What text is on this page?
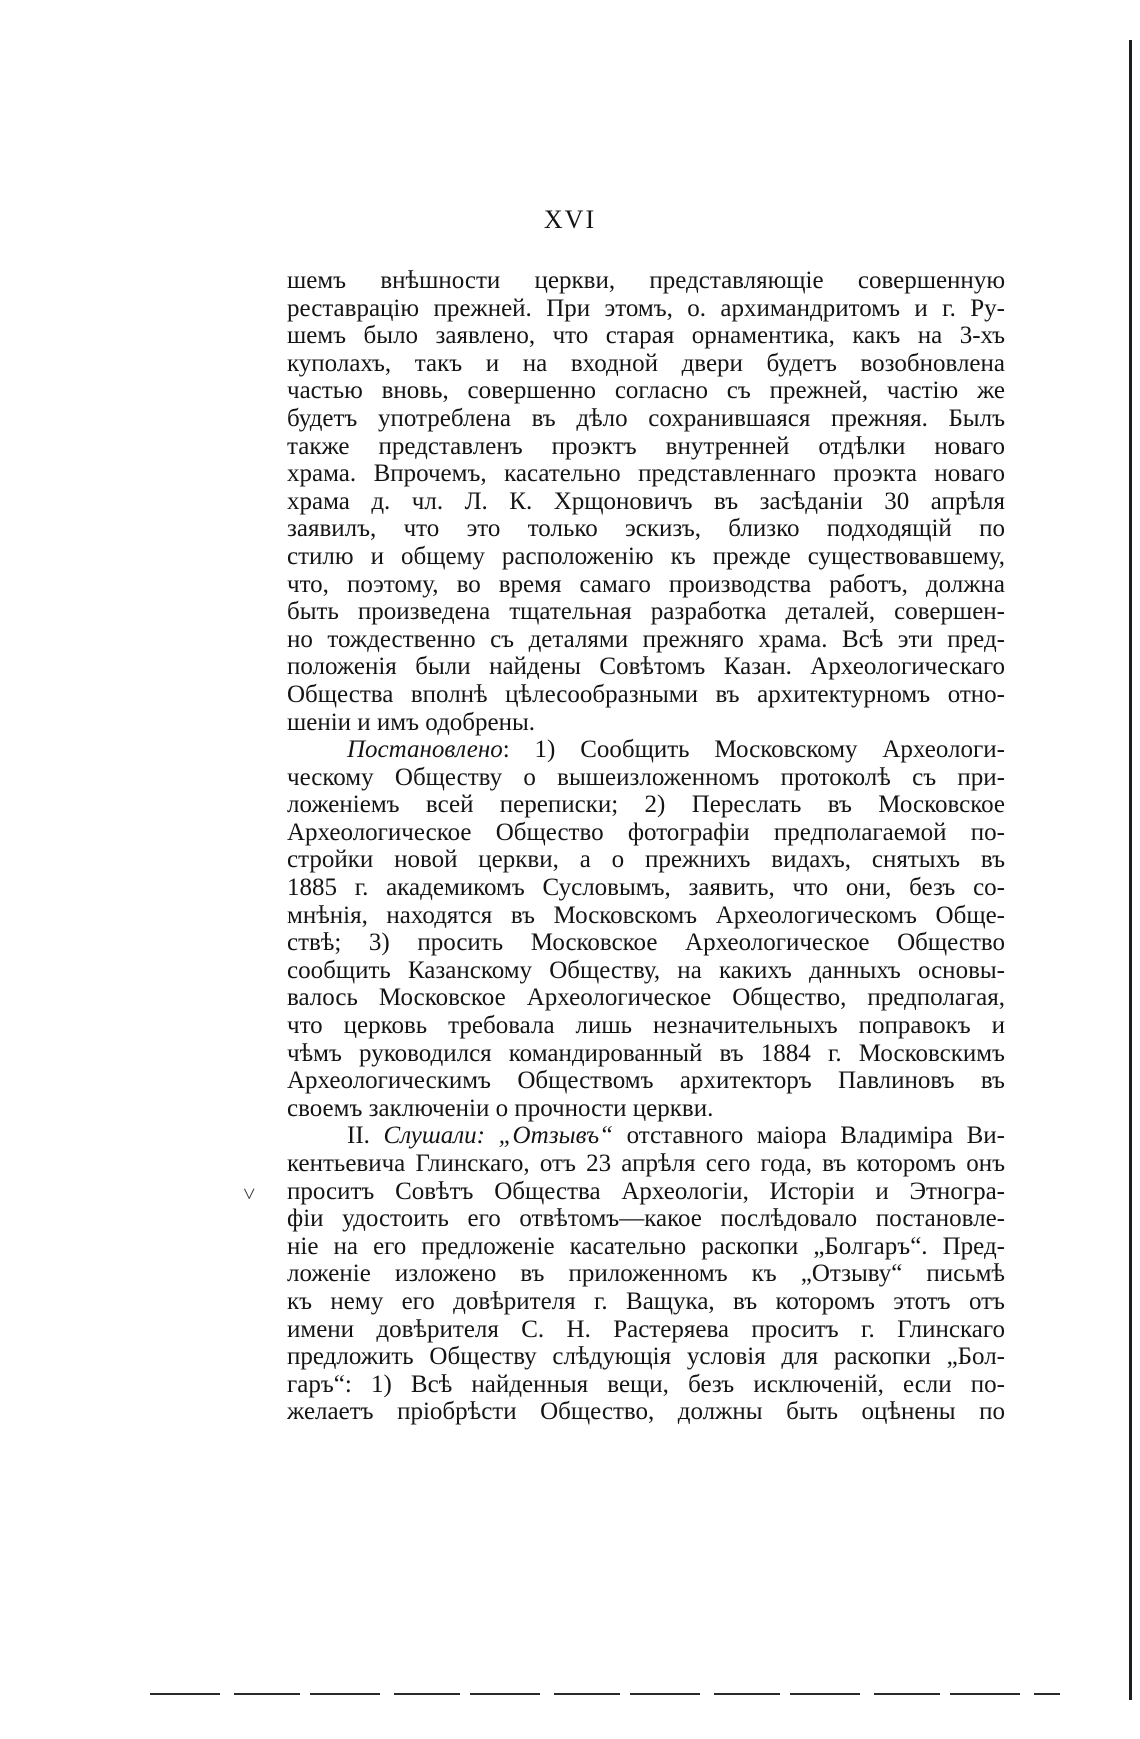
˅
XVI
шемъ внѣшности церкви, представляющіе совершенную
реставрацію прежней. При этомъ, о. архимандритомъ и г. Ру-
шемъ было заявлено, что старая орнаментика, какъ на 3-хъ
куполахъ, такъ и на входной двери будетъ возобновлена
частью вновь, совершенно согласно съ прежней, частію же
будетъ употреблена въ дѣло сохранившаяся прежняя. Былъ
также представленъ проэктъ внутренней отдѣлки новаго
храма. Впрочемъ, касательно представленнаго проэкта новаго
храма д. чл. Л. К. Хрщоновичъ въ засѣданіи 30 апрѣля
заявилъ, что это только эскизъ, близко подходящій по
стилю и общему расположенію къ прежде существовавшему,
что, поэтому, во время самаго производства работъ, должна
быть произведена тщательная разработка деталей, совершен-
но тождественно съ деталями прежняго храма. Всѣ эти пред-
положенія были найдены Совѣтомъ Казан. Археологическаго
Общества вполнѣ цѣлесообразными въ архитектурномъ отно-
шеніи и имъ одобрены.
Постановлено: 1) Сообщить Московскому Археологи-
ческому Обществу о вышеизложенномъ протоколѣ съ при-
ложеніемъ всей переписки; 2) Переслать въ Московское
Археологическое Общество фотографіи предполагаемой по-
стройки новой церкви, а о прежнихъ видахъ, снятыхъ въ
1885 г. академикомъ Сусловымъ, заявить, что они, безъ со-
мнѣнія, находятся въ Московскомъ Археологическомъ Обще-
ствѣ; 3) просить Московское Археологическое Общество
сообщить Казанскому Обществу, на какихъ данныхъ основы-
валось Московское Археологическое Общество, предполагая,
что церковь требовала лишь незначительныхъ поправокъ и
чѣмъ руководился командированный въ 1884 г. Московскимъ
Археологическимъ Обществомъ архитекторъ Павлиновъ въ
своемъ заключеніи о прочности церкви.
II. Слушали: „Отзывъ“ отставного маіора Владиміра Ви-
кентьевича Глинскаго, отъ 23 апрѣля сего года, въ которомъ онъ
проситъ Совѣтъ Общества Археологіи, Исторіи и Этногра-
фіи удостоить его отвѣтомъ—какое послѣдовало постановле-
ніе на его предложеніе касательно раскопки „Болгаръ“. Пред-
ложеніе изложено въ приложенномъ къ „Отзыву“ письмѣ
къ нему его довѣрителя г. Ващука, въ которомъ этотъ отъ
имени довѣрителя С. Н. Растеряева проситъ г. Глинскаго
предложить Обществу слѣдующія условія для раскопки „Бол-
гаръ“: 1) Всѣ найденныя вещи, безъ исключеній, если по-
желаетъ пріобрѣсти Общество, должны быть оцѣнены по
